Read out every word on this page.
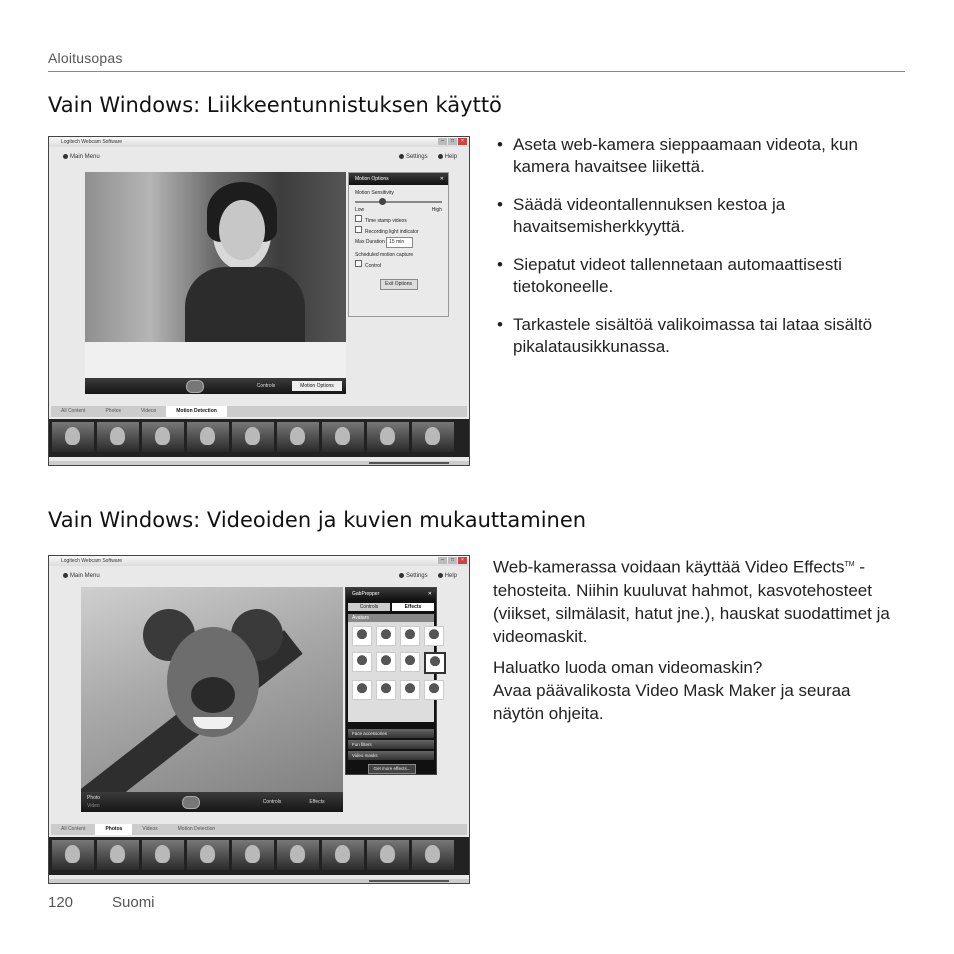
Aloitusopas
Vain Windows: Liikkeentunnistuksen käyttö
Logitech Webcam Software	–	□	×
Main Menu	Settings	Help
Controls	Motion Options
Motion Options	✕
Motion Sensitivity
Low	High
Time stamp videos
Recording light indicator
Max Duration 15 min
Scheduled motion capture
Control
Exit Options
All Content	Photos	Videos	Motion Detection
• Aseta web-kamera sieppaamaan videota, kun kamera havaitsee liikettä.
• Säädä videontallennuksen kestoa ja havaitsemisherkkyyttä.
• Siepatut videot tallennetaan automaattisesti tietokoneelle.
• Tarkastele sisältöä valikoimassa tai lataa sisältö pikalatausikkunassa.
Vain Windows: Videoiden ja kuvien mukauttaminen
Logitech Webcam Software	–	□	×
Main Menu	Settings	Help
Photo
Video
Controls	Effects
GabPrepper	✕
Controls	Effects
Avatars
Face accessories
Fun filters
Video masks
Get more effects...
All Content	Photos	Videos	Motion Detection

Web-kamerassa voidaan käyttää Video Effects™ -tehosteita. Niihin kuuluvat hahmot, kasvotehosteet (viikset, silmälasit, hatut jne.), hauskat suodattimet ja videomaskit.

Haluatko luoda oman videomaskin?
Avaa päävalikosta Video Mask Maker ja seuraa näytön ohjeita.

120	Suomi
